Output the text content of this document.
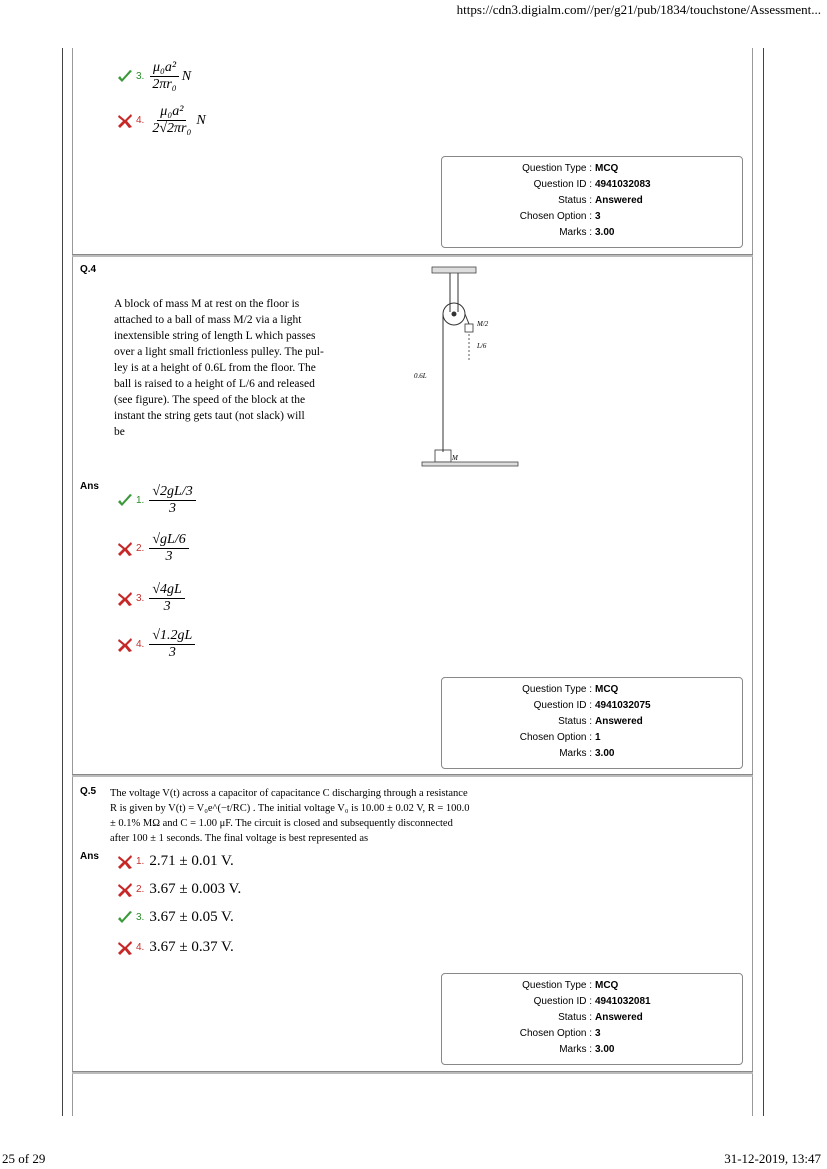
https://cdn3.digialm.com//per/g21/pub/1834/touchstone/Assessment...
3. $\frac{\text{μ₀a²}}{\text{2πr₀}}$ N
4. $\frac{\text{μ₀a²}}{\text{2√2πr₀}}$ N
Question Type : MCQ
Question ID : 4941032083
Status : Answered
Chosen Option : 3
Marks : 3.00
Q.4
A block of mass M at rest on the floor is
attached to a ball of mass M/2 via a light
inextensible string of length L which passes
over a light small frictionless pulley. The pul-
ley is at a height of 0.6L from the floor. The
ball is raised to a height of L/6 and released
(see figure). The speed of the block at the
instant the string gets taut (not slack) will
be
M/2
L/6
0.6L
M
Ans
1. $\frac{√2gL/3}{3}$
2. $\frac{√gL/6}{3}$
3. $\frac{√4gL}{3}$
4. $\frac{√1.2gL}{3}$
Question Type : MCQ
Question ID : 4941032075
Status : Answered
Chosen Option : 1
Marks : 3.00
Q.5 The voltage V(t) across a capacitor of capacitance C discharging through a resistance
R is given by V(t) = V₀e^(−t/RC) . The initial voltage V₀ is 10.00 ± 0.02 V, R = 100.0
± 0.1% MΩ and C = 1.00 μF. The circuit is closed and subsequently disconnected
after 100 ± 1 seconds. The final voltage is best represented as
Ans	1. 2.71 ± 0.01 V.
2. 3.67 ± 0.003 V.
3. 3.67 ± 0.05 V.
4. 3.67 ± 0.37 V.
Question Type : MCQ
Question ID : 4941032081
Status : Answered
Chosen Option : 3
Marks : 3.00
25 of 29	31-12-2019, 13:47
